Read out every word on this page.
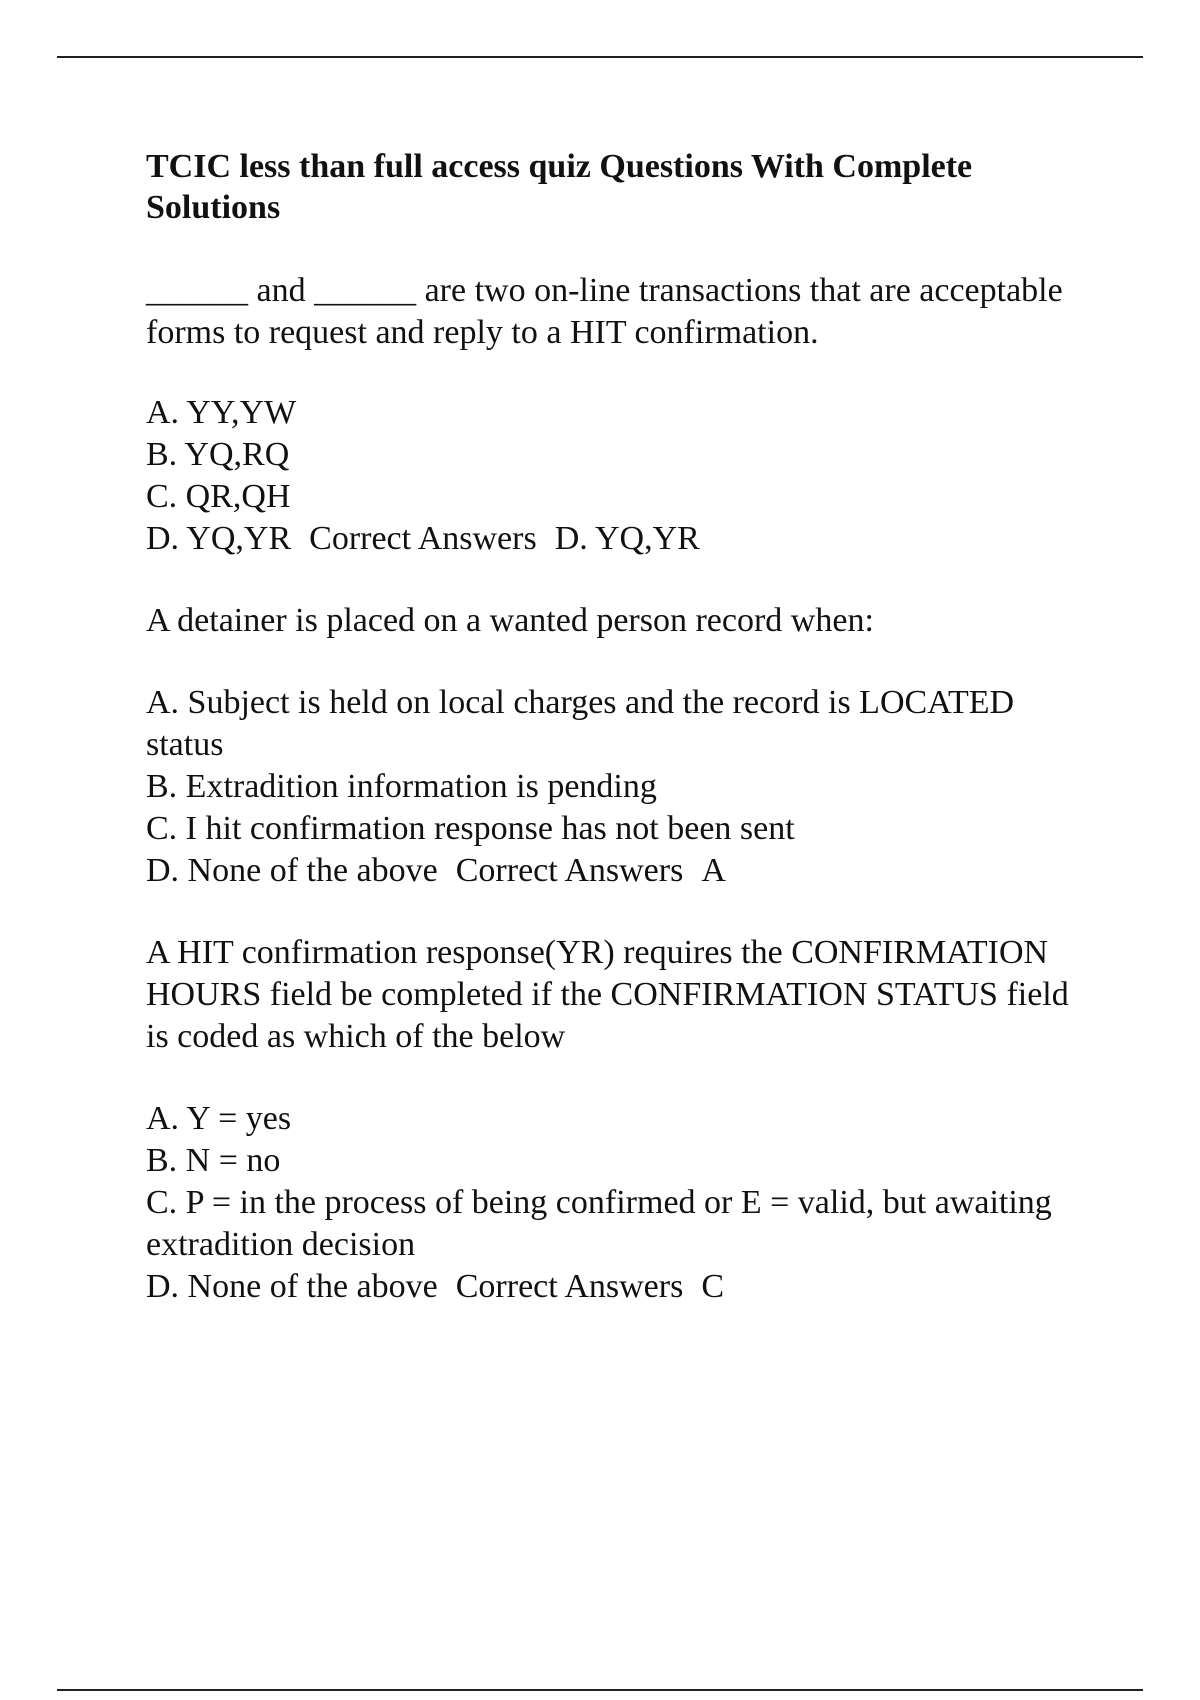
TCIC less than full access quiz Questions With Complete Solutions

______ and ______ are two on-line transactions that are acceptable forms to request and reply to a HIT confirmation.

A. YY,YW
B. YQ,RQ
C. QR,QH
D. YQ,YR Correct Answers D. YQ,YR

A detainer is placed on a wanted person record when:

A. Subject is held on local charges and the record is LOCATED status
B. Extradition information is pending
C. I hit confirmation response has not been sent
D. None of the above Correct Answers A

A HIT confirmation response(YR) requires the CONFIRMATION HOURS field be completed if the CONFIRMATION STATUS field is coded as which of the below

A. Y = yes
B. N = no
C. P = in the process of being confirmed or E = valid, but awaiting extradition decision
D. None of the above Correct Answers C
